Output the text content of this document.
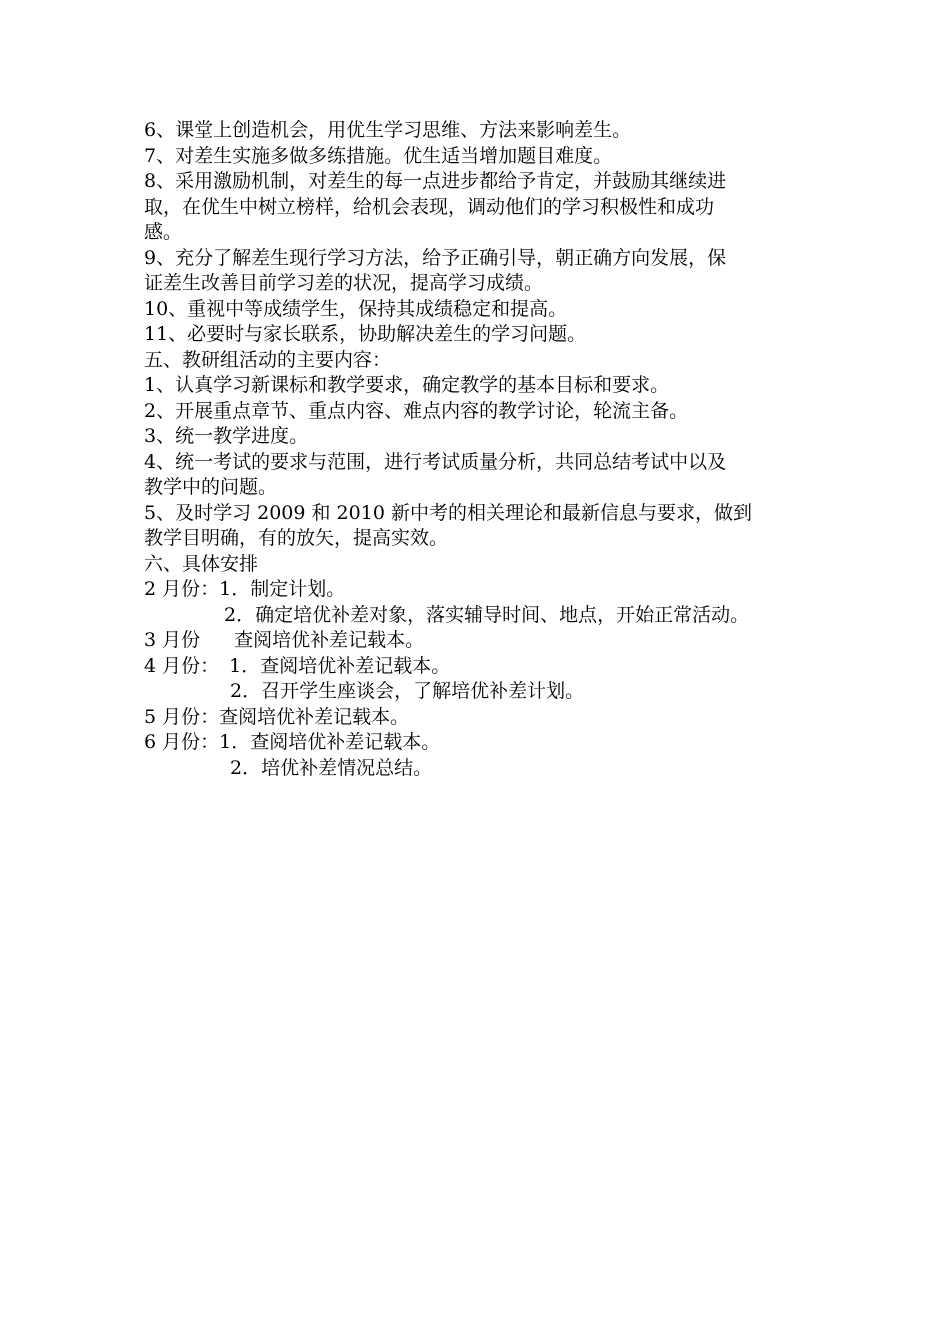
6、课堂上创造机会，用优生学习思维、方法来影响差生。
7、对差生实施多做多练措施。优生适当增加题目难度。
8、采用激励机制，对差生的每一点进步都给予肯定，并鼓励其继续进
取，在优生中树立榜样，给机会表现，调动他们的学习积极性和成功
感。
9、充分了解差生现行学习方法，给予正确引导，朝正确方向发展，保
证差生改善目前学习差的状况，提高学习成绩。
10、重视中等成绩学生，保持其成绩稳定和提高。
11、必要时与家长联系，协助解决差生的学习问题。
五、教研组活动的主要内容：
1、认真学习新课标和教学要求，确定教学的基本目标和要求。
2、开展重点章节、重点内容、难点内容的教学讨论，轮流主备。
3、统一教学进度。
4、统一考试的要求与范围，进行考试质量分析，共同总结考试中以及
教学中的问题。
5、及时学习 2009 和 2010 新中考的相关理论和最新信息与要求，做到
教学目明确，有的放矢，提高实效。
六、具体安排
2 月份：1．制定计划。
2．确定培优补差对象，落实辅导时间、地点，开始正常活动。
3 月份 查阅培优补差记载本。
4 月份： 1．查阅培优补差记载本。
2．召开学生座谈会，了解培优补差计划。
5 月份：查阅培优补差记载本。
6 月份：1．查阅培优补差记载本。
2．培优补差情况总结。
